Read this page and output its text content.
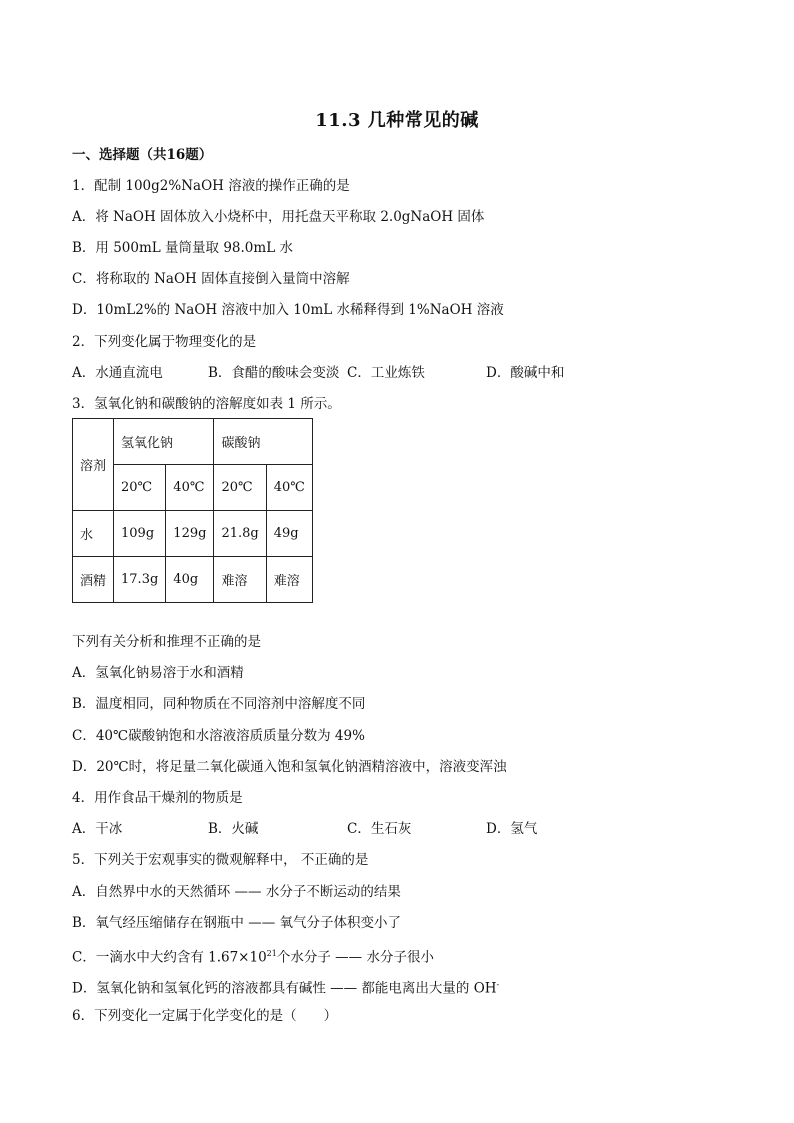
11.3 几种常见的碱
一、选择题（共16题）
1．配制 100g2%NaOH 溶液的操作正确的是
A．将 NaOH 固体放入小烧杯中，用托盘天平称取 2.0gNaOH 固体
B．用 500mL 量筒量取 98.0mL 水
C．将称取的 NaOH 固体直接倒入量筒中溶解
D．10mL2%的 NaOH 溶液中加入 10mL 水稀释得到 1%NaOH 溶液
2．下列变化属于物理变化的是
A．水通直流电	B．食醋的酸味会变淡 C．工业炼铁	D．酸碱中和
3．氢氧化钠和碳酸钠的溶解度如表 1 所示。
溶剂	氢氧化钠		碳酸钠	
	20℃	40℃	20℃	40℃
水	109g	129g	21.8g	49g
酒精	17.3g	40g	难溶	难溶
下列有关分析和推理不正确的是
A．氢氧化钠易溶于水和酒精
B．温度相同，同种物质在不同溶剂中溶解度不同
C．40℃碳酸钠饱和水溶液溶质质量分数为 49%
D．20℃时，将足量二氧化碳通入饱和氢氧化钠酒精溶液中，溶液变浑浊
4．用作食品干燥剂的物质是
A．干冰	B．火碱	C．生石灰	D．氢气
5．下列关于宏观事实的微观解释中， 不正确的是
A．自然界中水的天然循环 —— 水分子不断运动的结果
B．氧气经压缩储存在钢瓶中 —— 氧气分子体积变小了
C．一滴水中大约含有 $1.67\times 10^{21}$个水分子 —— 水分子很小
D．氢氧化钠和氢氧化钙的溶液都具有碱性 —— 都能电离出大量的 OH-
6．下列变化一定属于化学变化的是（　　）
